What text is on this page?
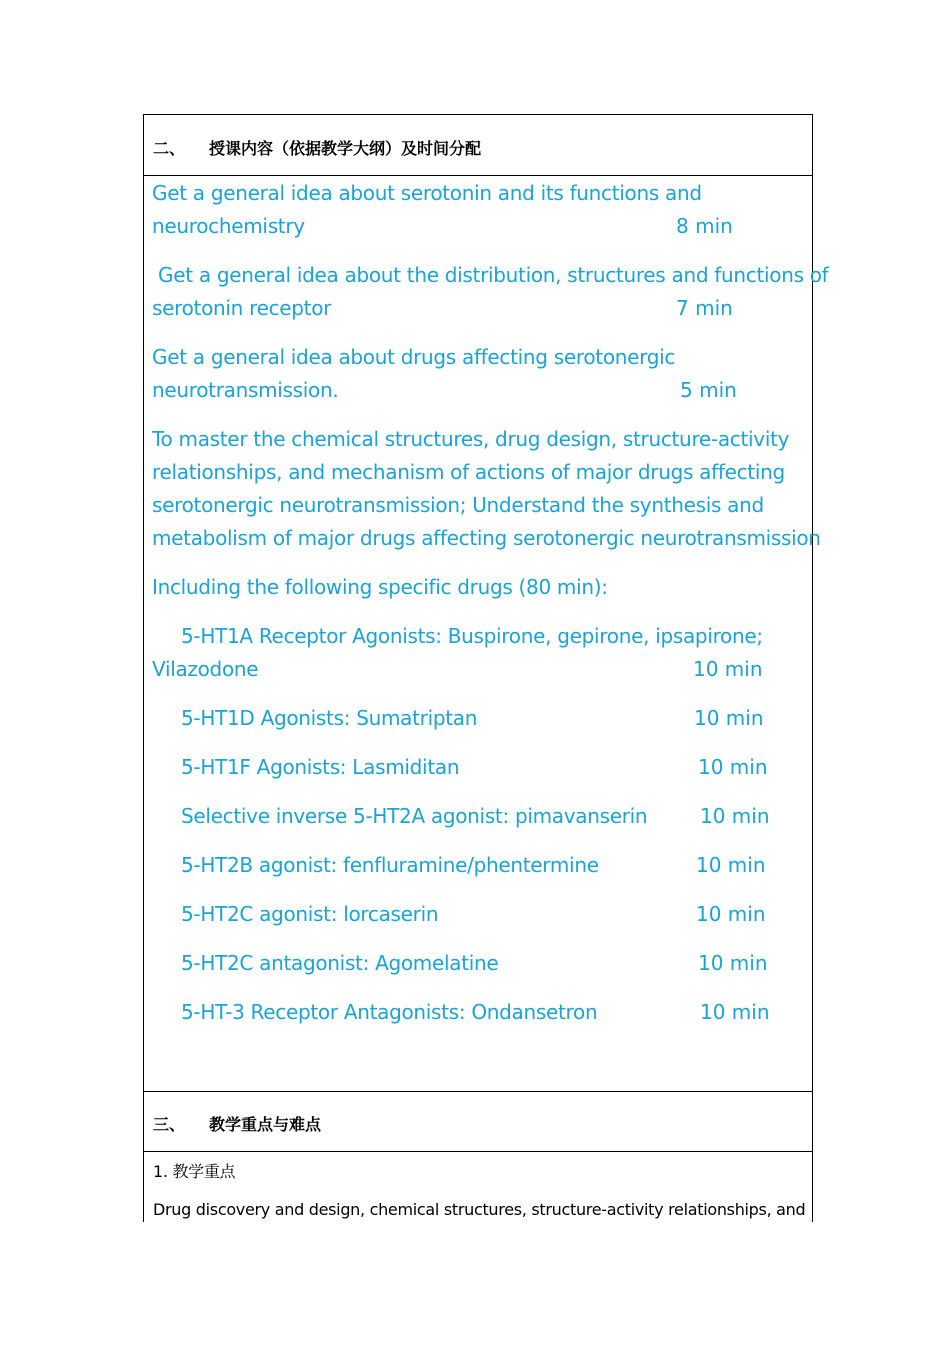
二、 授课内容（依据教学大纲）及时间分配
Get a general idea about serotonin and its functions and
neurochemistry	8 min
Get a general idea about the distribution, structures and functions of
serotonin receptor	7 min
Get a general idea about drugs affecting serotonergic
neurotransmission.	5 min
To master the chemical structures, drug design, structure-activity
relationships, and mechanism of actions of major drugs affecting
serotonergic neurotransmission; Understand the synthesis and
metabolism of major drugs affecting serotonergic neurotransmission
Including the following specific drugs (80 min):
5-HT1A Receptor Agonists: Buspirone, gepirone, ipsapirone;
Vilazodone	10 min
5-HT1D Agonists: Sumatriptan	10 min
5-HT1F Agonists: Lasmiditan	10 min
Selective inverse 5-HT2A agonist: pimavanserin	10 min
5-HT2B agonist: fenfluramine/phentermine	10 min
5-HT2C agonist: lorcaserin	10 min
5-HT2C antagonist: Agomelatine	10 min
5-HT-3 Receptor Antagonists: Ondansetron	10 min
三、 教学重点与难点
1. 教学重点
Drug discovery and design, chemical structures, structure-activity relationships, and
